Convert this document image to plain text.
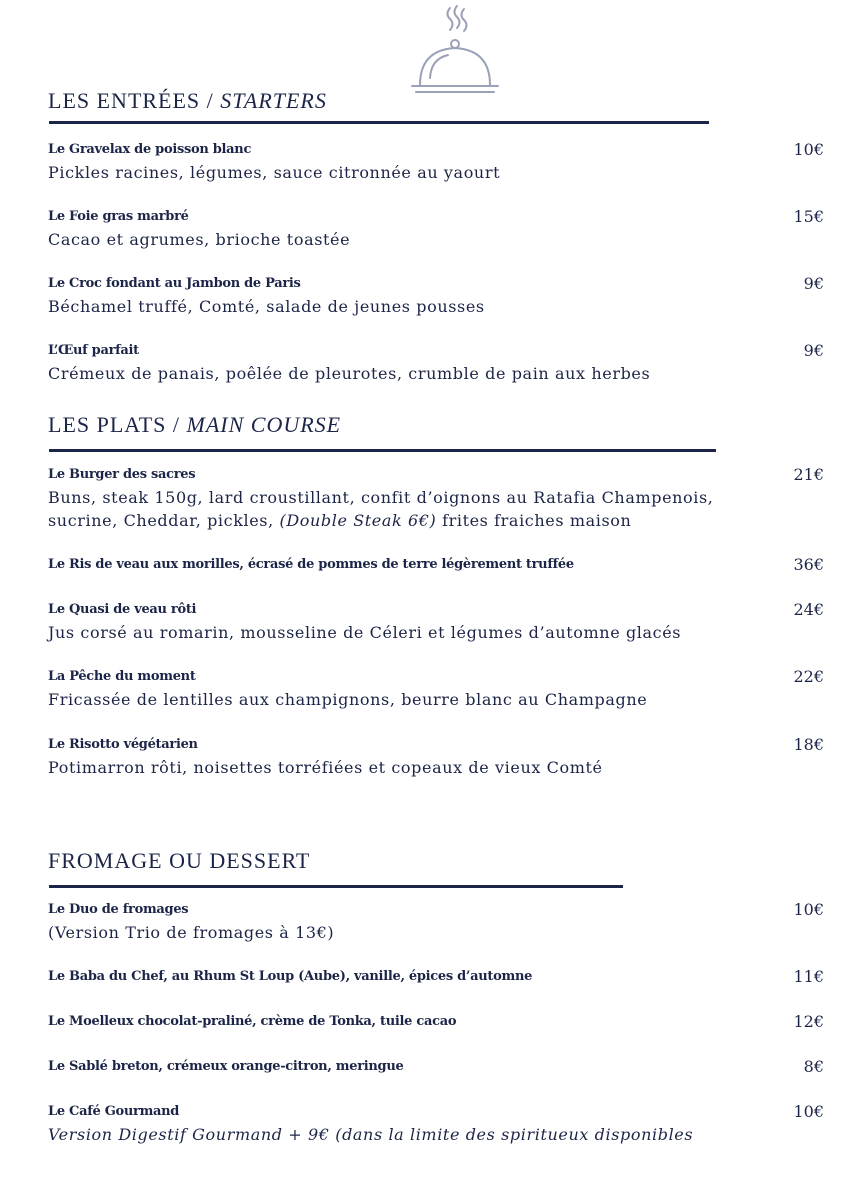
LES ENTRÉES / STARTERS
Le Gravelax de poisson blanc
Pickles racines, légumes, sauce citronnée au yaourt
10€
Le Foie gras marbré
Cacao et agrumes, brioche toastée
15€
Le Croc fondant au Jambon de Paris
Béchamel truffé, Comté, salade de jeunes pousses
9€
L’Œuf parfait
Crémeux de panais, poêlée de pleurotes, crumble de pain aux herbes
9€
LES PLATS / MAIN COURSE
Le Burger des sacres
Buns, steak 150g, lard croustillant, confit d’oignons au Ratafia Champenois,
sucrine, Cheddar, pickles, (Double Steak 6€) frites fraiches maison
21€
Le Ris de veau aux morilles, écrasé de pommes de terre légèrement truffée	36€
Le Quasi de veau rôti
Jus corsé au romarin, mousseline de Céleri et légumes d’automne glacés
24€
La Pêche du moment
Fricassée de lentilles aux champignons, beurre blanc au Champagne
22€
Le Risotto végétarien
Potimarron rôti, noisettes torréfiées et copeaux de vieux Comté
18€
FROMAGE OU DESSERT
Le Duo de fromages
(Version Trio de fromages à 13€)
10€
Le Baba du Chef, au Rhum St Loup (Aube), vanille, épices d’automne	11€
Le Moelleux chocolat-praliné, crème de Tonka, tuile cacao	12€
Le Sablé breton, crémeux orange-citron, meringue	8€
Le Café Gourmand
Version Digestif Gourmand + 9€ (dans la limite des spiritueux disponibles
10€
